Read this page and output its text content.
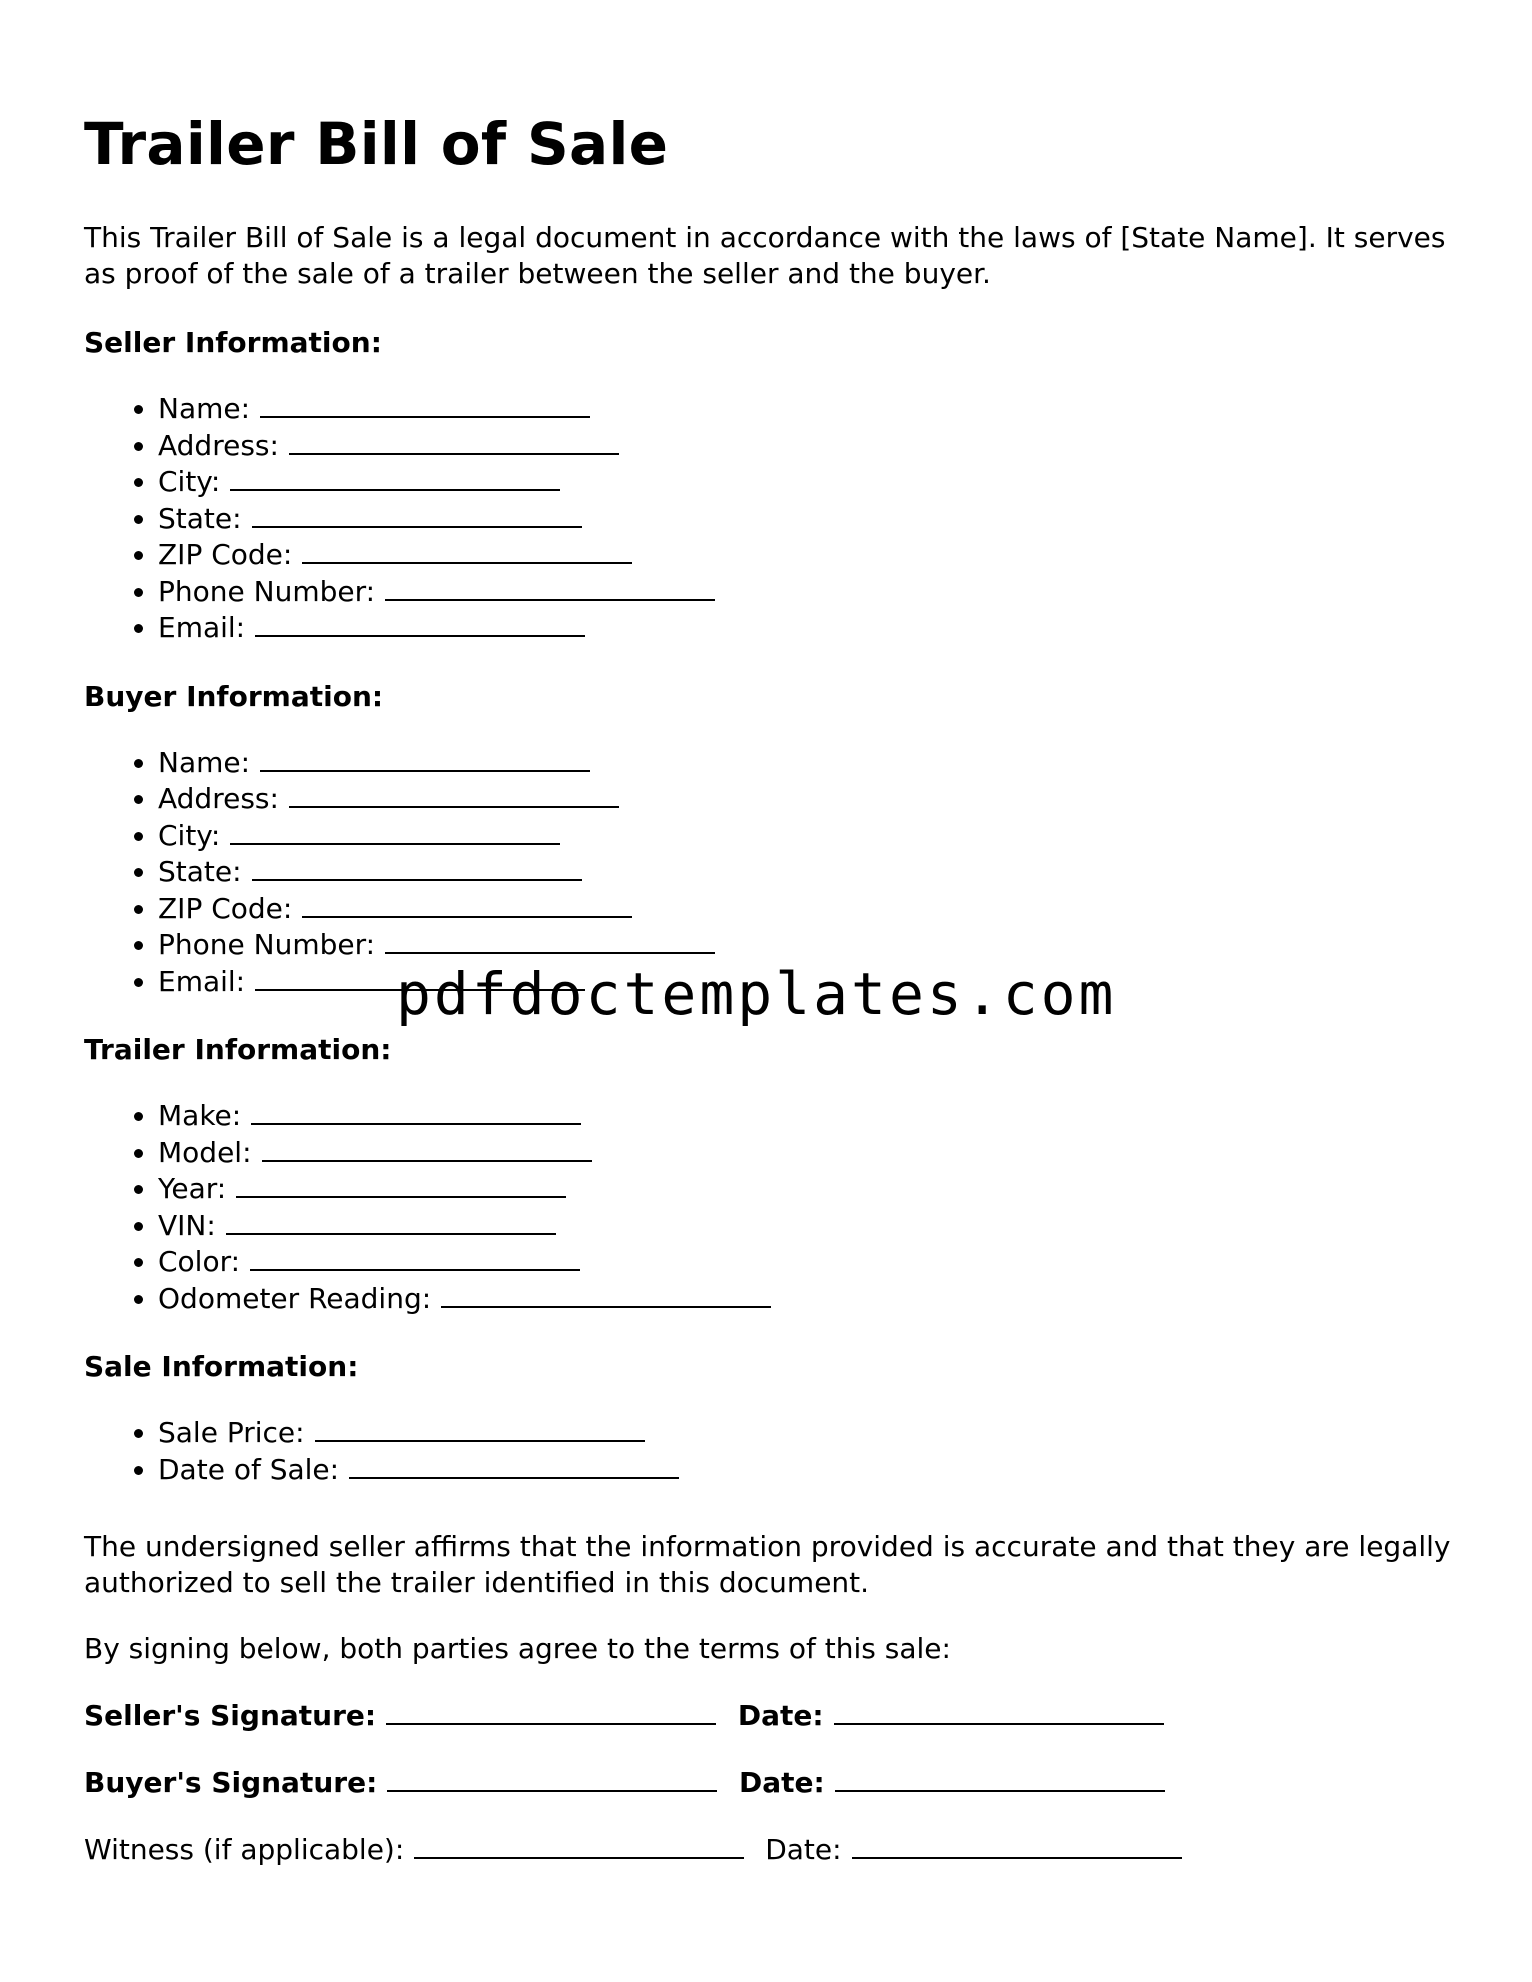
Trailer Bill of Sale

This Trailer Bill of Sale is a legal document in accordance with the laws of [State Name]. It serves as proof of the sale of a trailer between the seller and the buyer.

Seller Information:
• Name:
• Address:
• City:
• State:
• ZIP Code:
• Phone Number:
• Email:
Buyer Information:
• Name:
• Address:
• City:
• State:
• ZIP Code:
• Phone Number:
• Email:
Trailer Information:
• Make:
• Model:
• Year:
• VIN:
• Color:
• Odometer Reading:
Sale Information:
• Sale Price:
• Date of Sale:

The undersigned seller affirms that the information provided is accurate and that they are legally authorized to sell the trailer identified in this document.

By signing below, both parties agree to the terms of this sale:

Seller's Signature:	Date:
Buyer's Signature:	Date:
Witness (if applicable):	Date:
pdfdoctemplates.com
